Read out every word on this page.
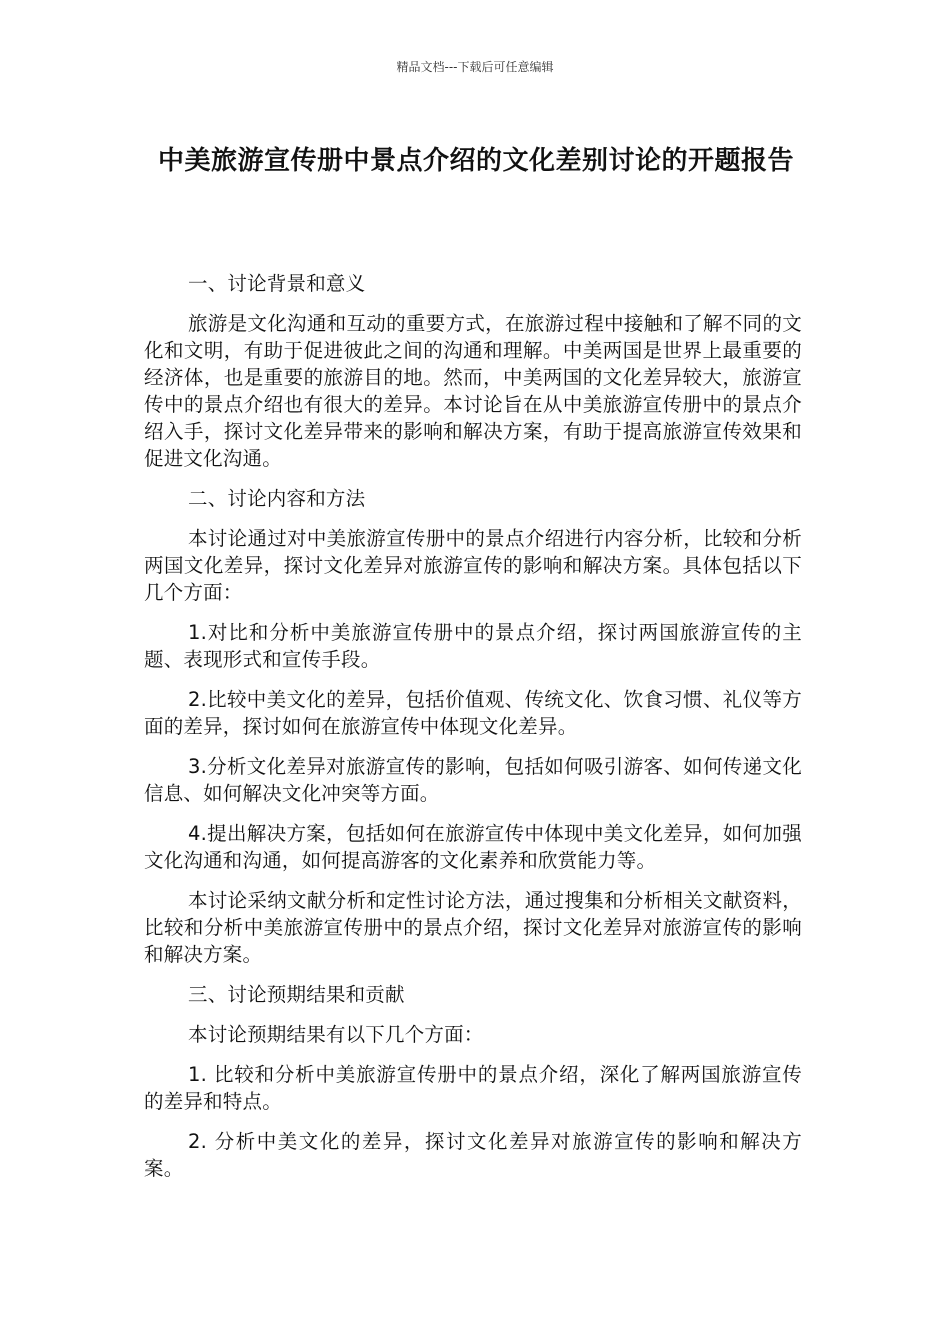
精品文档---下载后可任意编辑
中美旅游宣传册中景点介绍的文化差别讨论的开题报告

一、讨论背景和意义

旅游是文化沟通和互动的重要方式，在旅游过程中接触和了解不同的文化和文明，有助于促进彼此之间的沟通和理解。中美两国是世界上最重要的经济体，也是重要的旅游目的地。然而，中美两国的文化差异较大，旅游宣传中的景点介绍也有很大的差异。本讨论旨在从中美旅游宣传册中的景点介绍入手，探讨文化差异带来的影响和解决方案，有助于提高旅游宣传效果和促进文化沟通。

二、讨论内容和方法

本讨论通过对中美旅游宣传册中的景点介绍进行内容分析，比较和分析两国文化差异，探讨文化差异对旅游宣传的影响和解决方案。具体包括以下几个方面：

1.对比和分析中美旅游宣传册中的景点介绍，探讨两国旅游宣传的主题、表现形式和宣传手段。

2.比较中美文化的差异，包括价值观、传统文化、饮食习惯、礼仪等方面的差异，探讨如何在旅游宣传中体现文化差异。

3.分析文化差异对旅游宣传的影响，包括如何吸引游客、如何传递文化信息、如何解决文化冲突等方面。

4.提出解决方案，包括如何在旅游宣传中体现中美文化差异，如何加强文化沟通和沟通，如何提高游客的文化素养和欣赏能力等。

本讨论采纳文献分析和定性讨论方法，通过搜集和分析相关文献资料，比较和分析中美旅游宣传册中的景点介绍，探讨文化差异对旅游宣传的影响和解决方案。

三、讨论预期结果和贡献

本讨论预期结果有以下几个方面：

1. 比较和分析中美旅游宣传册中的景点介绍，深化了解两国旅游宣传的差异和特点。

2. 分析中美文化的差异，探讨文化差异对旅游宣传的影响和解决方案。
